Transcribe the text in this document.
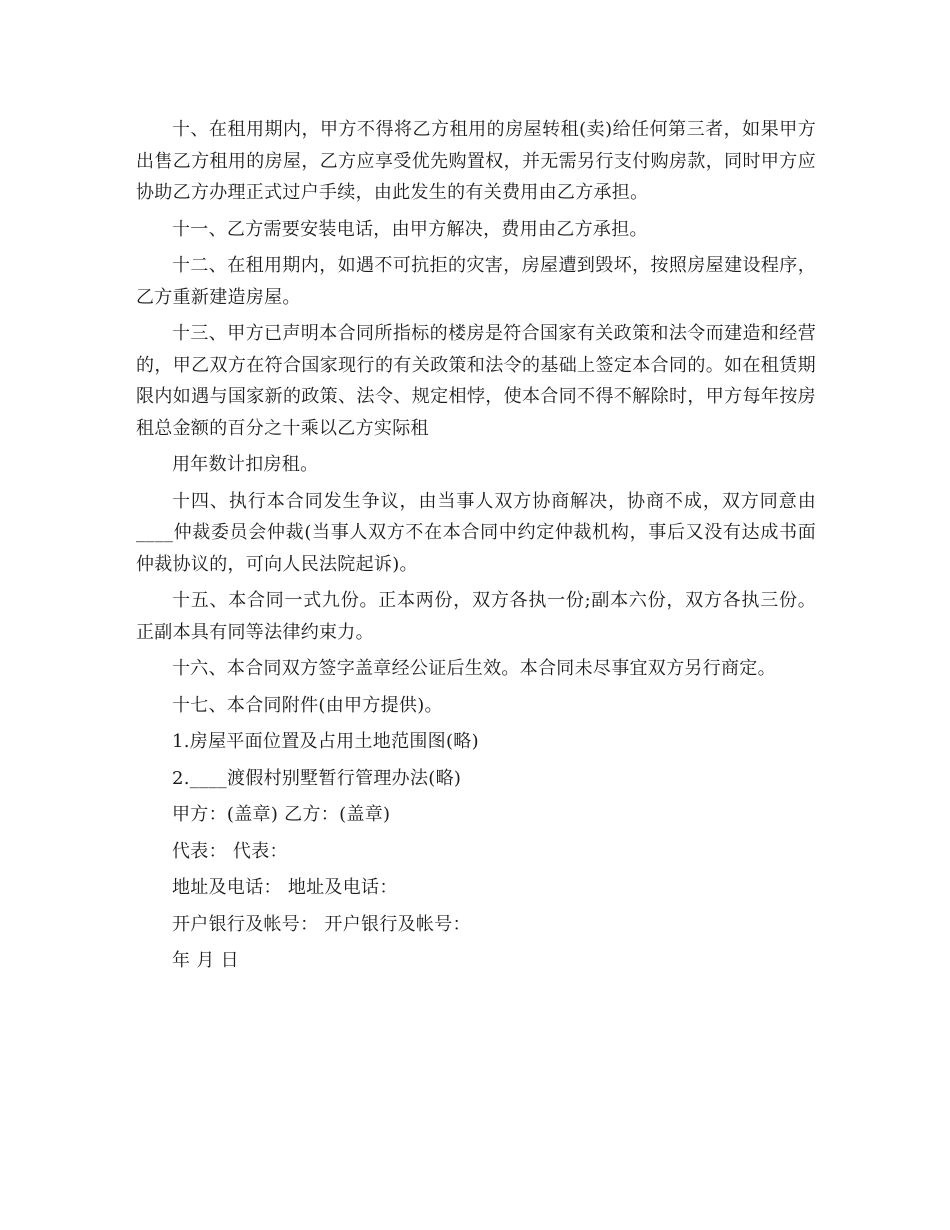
十、在租用期内，甲方不得将乙方租用的房屋转租(卖)给任何第三者，如果甲方出售乙方租用的房屋，乙方应享受优先购置权，并无需另行支付购房款，同时甲方应协助乙方办理正式过户手续，由此发生的有关费用由乙方承担。

十一、乙方需要安装电话，由甲方解决，费用由乙方承担。

十二、在租用期内，如遇不可抗拒的灾害，房屋遭到毁坏，按照房屋建设程序，乙方重新建造房屋。

十三、甲方已声明本合同所指标的楼房是符合国家有关政策和法令而建造和经营的，甲乙双方在符合国家现行的有关政策和法令的基础上签定本合同的。如在租赁期限内如遇与国家新的政策、法令、规定相悖，使本合同不得不解除时，甲方每年按房租总金额的百分之十乘以乙方实际租

用年数计扣房租。

十四、执行本合同发生争议，由当事人双方协商解决，协商不成，双方同意由____仲裁委员会仲裁(当事人双方不在本合同中约定仲裁机构，事后又没有达成书面仲裁协议的，可向人民法院起诉)。

十五、本合同一式九份。正本两份，双方各执一份;副本六份，双方各执三份。正副本具有同等法律约束力。

十六、本合同双方签字盖章经公证后生效。本合同未尽事宜双方另行商定。

十七、本合同附件(由甲方提供)。

1.房屋平面位置及占用土地范围图(略)

2.____渡假村别墅暂行管理办法(略)

甲方：(盖章) 乙方：(盖章)

代表： 代表：

地址及电话： 地址及电话：

开户银行及帐号： 开户银行及帐号：

年 月 日
